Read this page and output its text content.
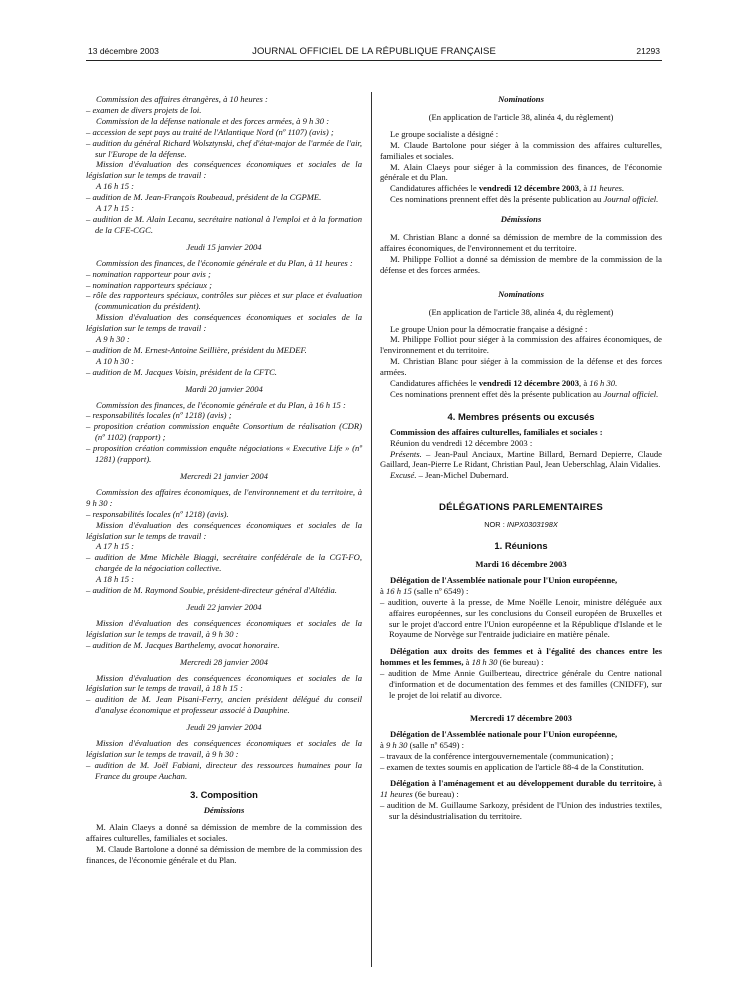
13 décembre 2003	JOURNAL OFFICIEL DE LA RÉPUBLIQUE FRANÇAISE	21293

Commission des affaires étrangères, à 10 heures :

– examen de divers projets de loi.

Commission de la défense nationale et des forces armées, à 9 h 30 :

– accession de sept pays au traité de l'Atlantique Nord (nº 1107) (avis) ;

– audition du général Richard Wolsztynski, chef d'état-major de l'armée de l'air, sur l'Europe de la défense.

Mission d'évaluation des conséquences économiques et sociales de la législation sur le temps de travail :

A 16 h 15 :

– audition de M. Jean-François Roubeaud, président de la CGPME.

A 17 h 15 :

– audition de M. Alain Lecanu, secrétaire national à l'emploi et à la formation de la CFE-CGC.

Jeudi 15 janvier 2004

Commission des finances, de l'économie générale et du Plan, à 11 heures :

– nomination rapporteur pour avis ;

– nomination rapporteurs spéciaux ;

– rôle des rapporteurs spéciaux, contrôles sur pièces et sur place et évaluation (communication du président).

Mission d'évaluation des conséquences économiques et sociales de la législation sur le temps de travail :

A 9 h 30 :

– audition de M. Ernest-Antoine Seillière, président du MEDEF.

A 10 h 30 :

– audition de M. Jacques Voisin, président de la CFTC.

Mardi 20 janvier 2004

Commission des finances, de l'économie générale et du Plan, à 16 h 15 :

– responsabilités locales (nº 1218) (avis) ;

– proposition création commission enquête Consortium de réalisation (CDR) (nº 1102) (rapport) ;

– proposition création commission enquête négociations « Executive Life » (nº 1281) (rapport).

Mercredi 21 janvier 2004

Commission des affaires économiques, de l'environnement et du territoire, à 9 h 30 :

– responsabilités locales (nº 1218) (avis).

Mission d'évaluation des conséquences économiques et sociales de la législation sur le temps de travail :

A 17 h 15 :

– audition de Mme Michèle Biaggi, secrétaire confédérale de la CGT-FO, chargée de la négociation collective.

A 18 h 15 :

– audition de M. Raymond Soubie, président-directeur général d'Altédia.

Jeudi 22 janvier 2004

Mission d'évaluation des conséquences économiques et sociales de la législation sur le temps de travail, à 9 h 30 :

– audition de M. Jacques Barthelemy, avocat honoraire.

Mercredi 28 janvier 2004

Mission d'évaluation des conséquences économiques et sociales de la législation sur le temps de travail, à 18 h 15 :

– audition de M. Jean Pisani-Ferry, ancien président délégué du conseil d'analyse économique et professeur associé à Dauphine.

Jeudi 29 janvier 2004

Mission d'évaluation des conséquences économiques et sociales de la législation sur le temps de travail, à 9 h 30 :

– audition de M. Joël Fabiani, directeur des ressources humaines pour la France du groupe Auchan.

3. Composition

Démissions

M. Alain Claeys a donné sa démission de membre de la commission des affaires culturelles, familiales et sociales.

M. Claude Bartolone a donné sa démission de membre de la commission des finances, de l'économie générale et du Plan.

Nominations

(En application de l'article 38, alinéa 4, du règlement)

Le groupe socialiste a désigné :

M. Claude Bartolone pour siéger à la commission des affaires culturelles, familiales et sociales.

M. Alain Claeys pour siéger à la commission des finances, de l'économie générale et du Plan.

Candidatures affichées le vendredi 12 décembre 2003, à 11 heures.

Ces nominations prennent effet dès la présente publication au Journal officiel.

Démissions

M. Christian Blanc a donné sa démission de membre de la commission des affaires économiques, de l'environnement et du territoire.

M. Philippe Folliot a donné sa démission de membre de la commission de la défense et des forces armées.

Nominations

(En application de l'article 38, alinéa 4, du règlement)

Le groupe Union pour la démocratie française a désigné :

M. Philippe Folliot pour siéger à la commission des affaires économiques, de l'environnement et du territoire.

M. Christian Blanc pour siéger à la commission de la défense et des forces armées.

Candidatures affichées le vendredi 12 décembre 2003, à 16 h 30.

Ces nominations prennent effet dès la présente publication au Journal officiel.

4. Membres présents ou excusés

Commission des affaires culturelles, familiales et sociales :

Réunion du vendredi 12 décembre 2003 :

Présents. – Jean-Paul Anciaux, Martine Billard, Bernard Depierre, Claude Gaillard, Jean-Pierre Le Ridant, Christian Paul, Jean Ueberschlag, Alain Vidalies.

Excusé. – Jean-Michel Dubernard.

DÉLÉGATIONS PARLEMENTAIRES

NOR : INPX0303198X

1. Réunions

Mardi 16 décembre 2003

Délégation de l'Assemblée nationale pour l'Union européenne,
à 16 h 15 (salle nº 6549) :

– audition, ouverte à la presse, de Mme Noëlle Lenoir, ministre déléguée aux affaires européennes, sur les conclusions du Conseil européen de Bruxelles et sur le projet d'accord entre l'Union européenne et la République d'Islande et le Royaume de Norvège sur l'entraide judiciaire en matière pénale.

Délégation aux droits des femmes et à l'égalité des chances entre les hommes et les femmes, à 18 h 30 (6e bureau) :

– audition de Mme Annie Guilberteau, directrice générale du Centre national d'information et de documentation des femmes et des familles (CNIDFF), sur le projet de loi relatif au divorce.

Mercredi 17 décembre 2003

Délégation de l'Assemblée nationale pour l'Union européenne,
à 9 h 30 (salle nº 6549) :

– travaux de la conférence intergouvernementale (communication) ;

– examen de textes soumis en application de l'article 88-4 de la Constitution.

Délégation à l'aménagement et au développement durable du territoire, à 11 heures (6e bureau) :

– audition de M. Guillaume Sarkozy, président de l'Union des industries textiles, sur la désindustrialisation du territoire.
